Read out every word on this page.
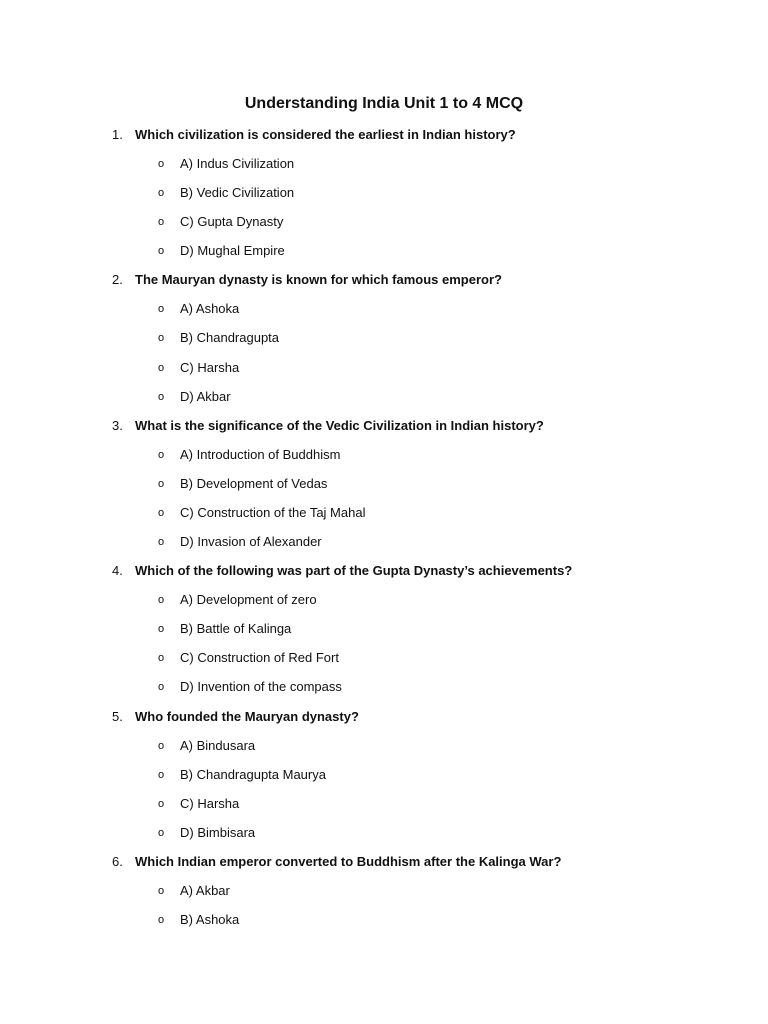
Understanding India Unit 1 to 4 MCQ
1. Which civilization is considered the earliest in Indian history?
o A) Indus Civilization
o B) Vedic Civilization
o C) Gupta Dynasty
o D) Mughal Empire
2. The Mauryan dynasty is known for which famous emperor?
o A) Ashoka
o B) Chandragupta
o C) Harsha
o D) Akbar
3. What is the significance of the Vedic Civilization in Indian history?
o A) Introduction of Buddhism
o B) Development of Vedas
o C) Construction of the Taj Mahal
o D) Invasion of Alexander
4. Which of the following was part of the Gupta Dynasty’s achievements?
o A) Development of zero
o B) Battle of Kalinga
o C) Construction of Red Fort
o D) Invention of the compass
5. Who founded the Mauryan dynasty?
o A) Bindusara
o B) Chandragupta Maurya
o C) Harsha
o D) Bimbisara
6. Which Indian emperor converted to Buddhism after the Kalinga War?
o A) Akbar
o B) Ashoka
